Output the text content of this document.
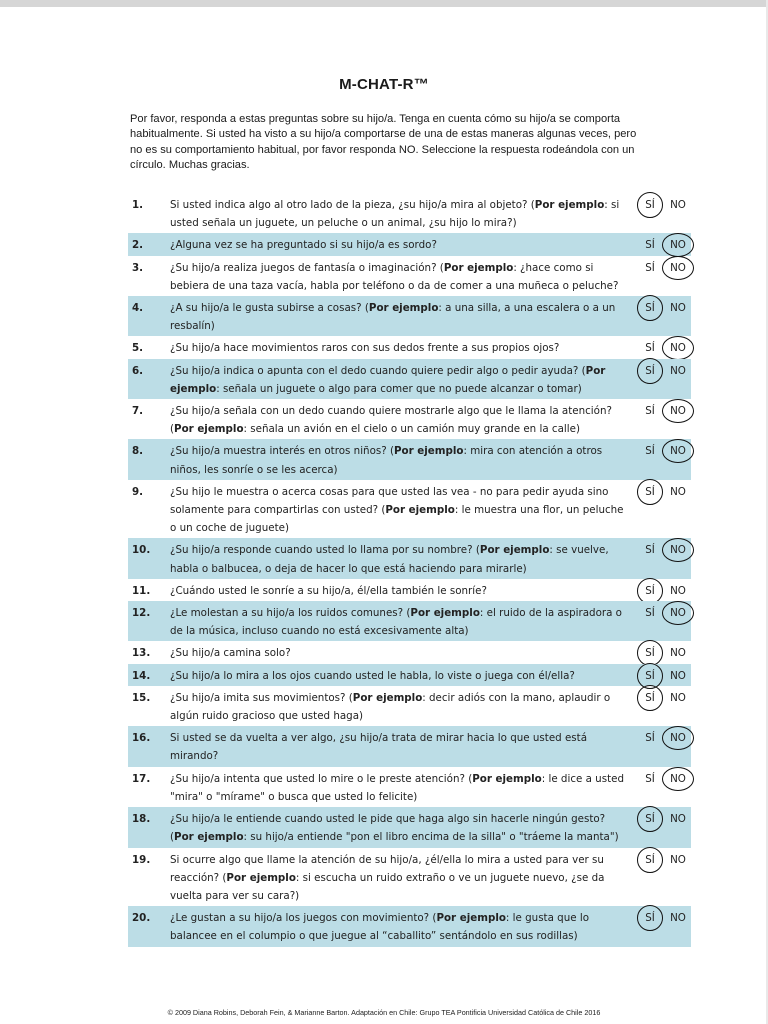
M-CHAT-R™
Por favor, responda a estas preguntas sobre su hijo/a. Tenga en cuenta cómo su hijo/a se comporta habitualmente. Si usted ha visto a su hijo/a comportarse de una de estas maneras algunas veces, pero no es su comportamiento habitual, por favor responda NO. Seleccione la respuesta rodeándola con un círculo. Muchas gracias.
1.	Si usted indica algo al otro lado de la pieza, ¿su hijo/a mira al objeto? (Por ejemplo: si usted señala un juguete, un peluche o un animal, ¿su hijo lo mira?)
SÍ	NO
2.	¿Alguna vez se ha preguntado si su hijo/a es sordo?	SÍ	NO
3.	¿Su hijo/a realiza juegos de fantasía o imaginación? (Por ejemplo: ¿hace como si bebiera de una taza vacía, habla por teléfono o da de comer a una muñeca o peluche?
SÍ	NO
4.	¿A su hijo/a le gusta subirse a cosas? (Por ejemplo: a una silla, a una escalera o a un resbalín)
SÍ	NO
5.	¿Su hijo/a hace movimientos raros con sus dedos frente a sus propios ojos?	SÍ	NO
6.	¿Su hijo/a indica o apunta con el dedo cuando quiere pedir algo o pedir ayuda? (Por ejemplo: señala un juguete o algo para comer que no puede alcanzar o tomar)
SÍ	NO
7.	¿Su hijo/a señala con un dedo cuando quiere mostrarle algo que le llama la atención? (Por ejemplo: señala un avión en el cielo o un camión muy grande en la calle)
SÍ	NO
8.	¿Su hijo/a muestra interés en otros niños? (Por ejemplo: mira con atención a otros niños, les sonríe o se les acerca)
SÍ	NO
9.	¿Su hijo le muestra o acerca cosas para que usted las vea - no para pedir ayuda sino solamente para compartirlas con usted? (Por ejemplo: le muestra una flor, un peluche o un coche de juguete)
SÍ	NO
10.	¿Su hijo/a responde cuando usted lo llama por su nombre? (Por ejemplo: se vuelve, habla o balbucea, o deja de hacer lo que está haciendo para mirarle)
SÍ	NO
11.	¿Cuándo usted le sonríe a su hijo/a, él/ella también le sonríe?	SÍ	NO
12.	¿Le molestan a su hijo/a los ruidos comunes? (Por ejemplo: el ruido de la aspiradora o de la música, incluso cuando no está excesivamente alta)
SÍ	NO
13.	¿Su hijo/a camina solo?	SÍ	NO
14.	¿Su hijo/a lo mira a los ojos cuando usted le habla, lo viste o juega con él/ella?	SÍ	NO
15.	¿Su hijo/a imita sus movimientos? (Por ejemplo: decir adiós con la mano, aplaudir o algún ruido gracioso que usted haga)
SÍ	NO
16.	Si usted se da vuelta a ver algo, ¿su hijo/a trata de mirar hacia lo que usted está mirando?
SÍ	NO
17.	¿Su hijo/a intenta que usted lo mire o le preste atención? (Por ejemplo: le dice a usted "mira" o "mírame" o busca que usted lo felicite)
SÍ	NO
18.	¿Su hijo/a le entiende cuando usted le pide que haga algo sin hacerle ningún gesto? (Por ejemplo: su hijo/a entiende "pon el libro encima de la silla" o "tráeme la manta")
SÍ	NO
19.	Si ocurre algo que llame la atención de su hijo/a, ¿él/ella lo mira a usted para ver su reacción? (Por ejemplo: si escucha un ruido extraño o ve un juguete nuevo, ¿se da vuelta para ver su cara?)
SÍ	NO
20.	¿Le gustan a su hijo/a los juegos con movimiento? (Por ejemplo: le gusta que lo balancee en el columpio o que juegue al “caballito” sentándolo en sus rodillas)
SÍ	NO
© 2009 Diana Robins, Deborah Fein, & Marianne Barton. Adaptación en Chile: Grupo TEA Pontificia Universidad Católica de Chile 2016
